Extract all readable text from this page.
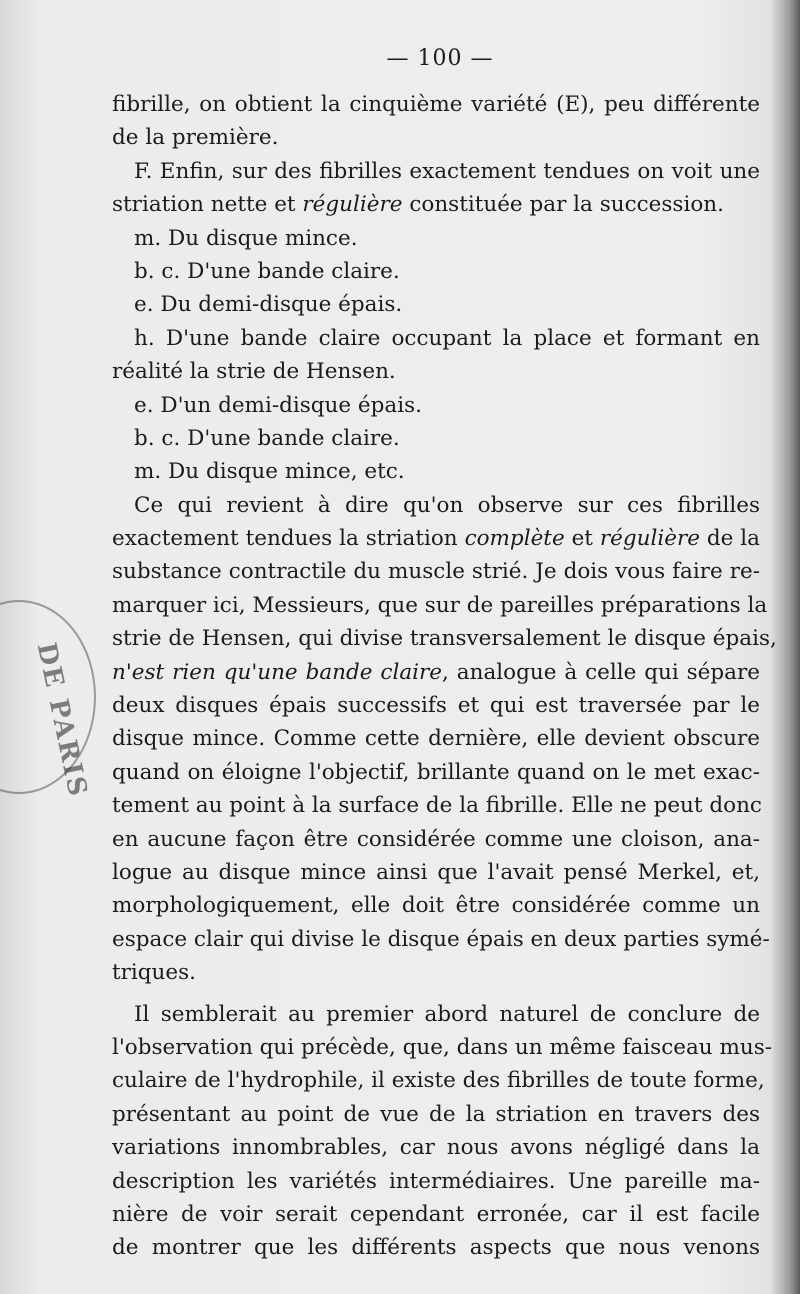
— 100 —
DE PARIS
fibrille, on obtient la cinquième variété (E), peu différente
de la première.
F. Enfin, sur des fibrilles exactement tendues on voit une
striation nette et régulière constituée par la succession.
m. Du disque mince.
b. c. D'une bande claire.
e. Du demi-disque épais.
h. D'une bande claire occupant la place et formant en
réalité la strie de Hensen.
e. D'un demi-disque épais.
b. c. D'une bande claire.
m. Du disque mince, etc.
Ce qui revient à dire qu'on observe sur ces fibrilles
exactement tendues la striation complète et régulière de la
substance contractile du muscle strié. Je dois vous faire re-
marquer ici, Messieurs, que sur de pareilles préparations la
strie de Hensen, qui divise transversalement le disque épais,
n'est rien qu'une bande claire, analogue à celle qui sépare
deux disques épais successifs et qui est traversée par le
disque mince. Comme cette dernière, elle devient obscure
quand on éloigne l'objectif, brillante quand on le met exac-
tement au point à la surface de la fibrille. Elle ne peut donc
en aucune façon être considérée comme une cloison, ana-
logue au disque mince ainsi que l'avait pensé Merkel, et,
morphologiquement, elle doit être considérée comme un
espace clair qui divise le disque épais en deux parties symé-
triques.
Il semblerait au premier abord naturel de conclure de
l'observation qui précède, que, dans un même faisceau mus-
culaire de l'hydrophile, il existe des fibrilles de toute forme,
présentant au point de vue de la striation en travers des
variations innombrables, car nous avons négligé dans la
description les variétés intermédiaires. Une pareille ma-
nière de voir serait cependant erronée, car il est facile
de montrer que les différents aspects que nous venons
